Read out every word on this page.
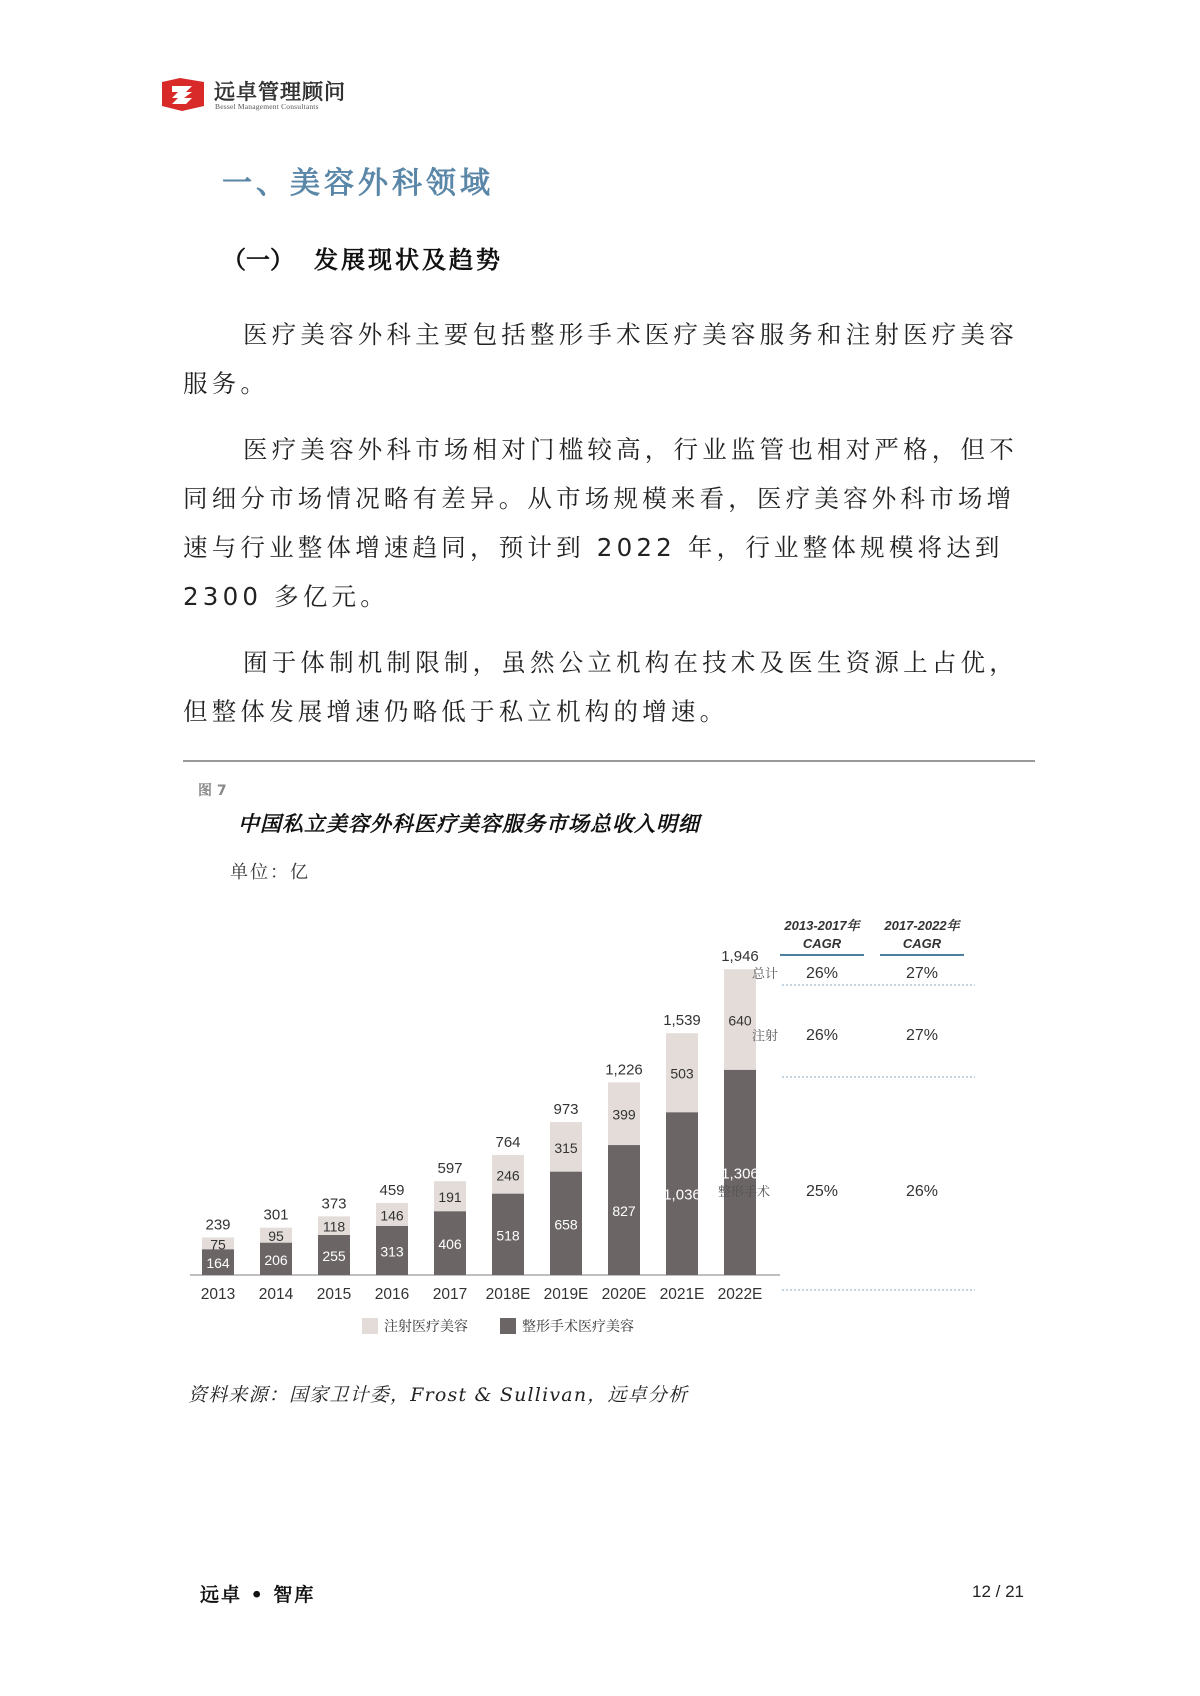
远卓管理顾问
Bessel Management Consultants
一、美容外科领域
（一） 发展现状及趋势

医疗美容外科主要包括整形手术医疗美容服务和注射医疗美容服务。

医疗美容外科市场相对门槛较高，行业监管也相对严格，但不同细分市场情况略有差异。从市场规模来看，医疗美容外科市场增速与行业整体增速趋同，预计到 2022 年，行业整体规模将达到 2300 多亿元。

囿于体制机制限制，虽然公立机构在技术及医生资源上占优，但整体发展增速仍略低于私立机构的增速。

图 7
中国私立美容外科医疗美容服务市场总收入明细
单位：亿
164
75
239
2013
206
95
301
2014
255
118
373
2015
313
146
459
2016
406
191
597
2017
518
246
764
2018E
658
315
973
2019E
827
399
1,226
2020E
1,036
503
1,539
2021E
1,306
640
1,946
2022E
2013-2017年
CAGR
2017-2022年
CAGR
总计 26%	27%
注射 26%	27%
整形手术 25%	26%
注射医疗美容	整形手术医疗美容
资料来源：国家卫计委，Frost & Sullivan，远卓分析
远卓 • 智库	12 / 21
